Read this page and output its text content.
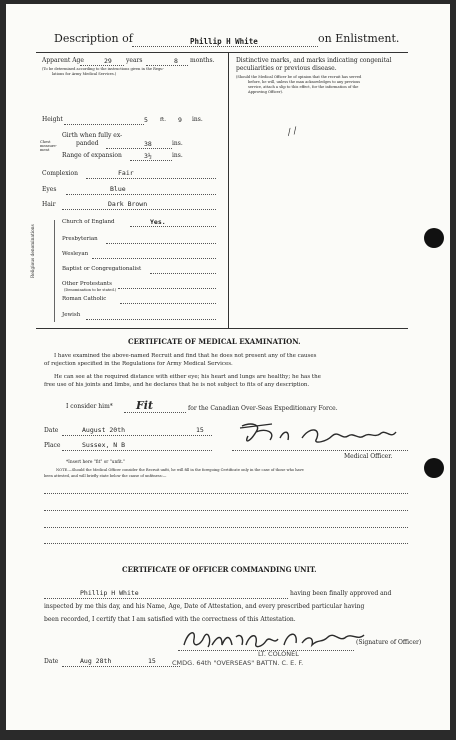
Description of	Phillip H White	on Enlistment.
Apparent Age	29 years	8 months.
(To be determined according to the instructions given in the Regu-
lations for Army Medical Services.)
Height	5 ft. 9 ins.
Chest measure- ment
Girth when fully ex-
panded	38	ins.
Range of expansion	3½	ins.
Complexion	Fair
Eyes	Blue
Hair	Dark Brown
Religious denominations
Church of England	Yes.
Presbyterian
Wesleyan
Baptist or Congregationalist
Other Protestants
(Denomination to be stated.)
Roman Catholic
Jewish
Distinctive marks, and marks indicating congenital
peculiarities or previous disease.
(Should the Medical Officer be of opinion that the recruit has served
before, he will, unless the man acknowledges to any previous
service, attach a slip to this effect, for the information of the
Approving Officer).
/ /
CERTIFICATE OF MEDICAL EXAMINATION.
I have examined the above-named Recruit and find that he does not present any of the causes
of rejection specified in the Regulations for Army Medical Services.
He can see at the required distance with either eye; his heart and lungs are healthy; he has the
free use of his joints and limbs, and he declares that he is not subject to fits of any description.
I consider him* Fit	for the Canadian Over-Seas Expeditionary Force.
Date	August 20th	15
Place	Sussex, N B
Medical Officer.
*Insert here "fit" or "unfit."
NOTE.—Should the Medical Officer consider the Recruit unfit, he will fill in the foregoing Certificate only in the case of those who have
been attested, and will briefly state below the cause of unfitness:—
CERTIFICATE OF OFFICER COMMANDING UNIT.
Phillip H White	having been finally approved and
inspected by me this day, and his Name, Age, Date of Attestation, and every prescribed particular having
been recorded, I certify that I am satisfied with the correctness of this Attestation.
(Signature of Officer)
LT. COLONEL
CMDG. 64th "OVERSEAS" BATTN. C. E. F.
Date	Aug 28th	15
